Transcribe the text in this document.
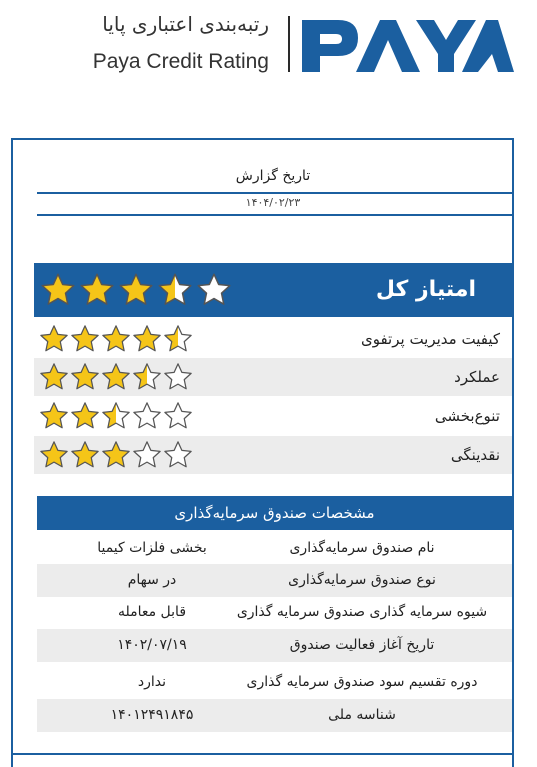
رتبه‌بندی اعتباری پایا
Paya Credit Rating
تاریخ گزارش
۱۴۰۴/۰۲/۲۳
امتیاز کل
کیفیت مدیریت پرتفوی
عملکرد
تنوع‌بخشی
نقدینگی
مشخصات صندوق سرمایه‌گذاری
نام صندوق سرمایه‌گذاری
بخشی فلزات کیمیا
نوع صندوق سرمایه‌گذاری
در سهام
شیوه سرمایه گذاری صندوق سرمایه گذاری
قابل معامله
تاریخ آغاز فعالیت صندوق
۱۴۰۲/۰۷/۱۹
دوره تقسیم سود صندوق سرمایه گذاری
ندارد
شناسه ملی
۱۴۰۱۲۴۹۱۸۴۵
